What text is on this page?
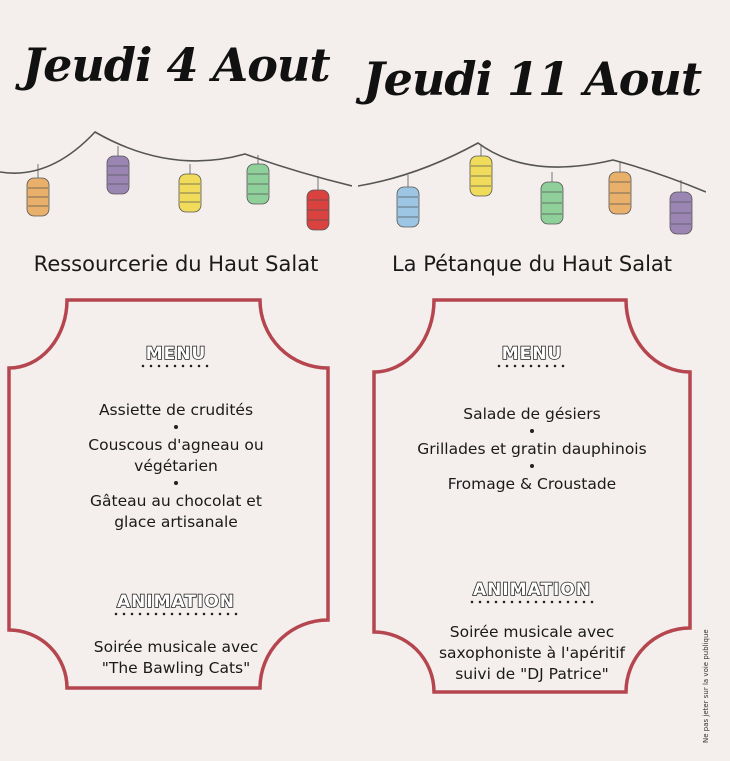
Jeudi 4 Aout
Ressourcerie du Haut Salat
MENU
Assiette de crudités
Couscous d'agneau ou végétarien
Gâteau au chocolat et glace artisanale
ANIMATION
Soirée musicale avec
"The Bawling Cats"
Jeudi 11 Aout
La Pétanque du Haut Salat
MENU
Salade de gésiers
Grillades et gratin dauphinois
Fromage & Croustade
ANIMATION
Soirée musicale avec
saxophoniste à l'apéritif
suivi de "DJ Patrice"	Ne pas jeter sur la voie publique
